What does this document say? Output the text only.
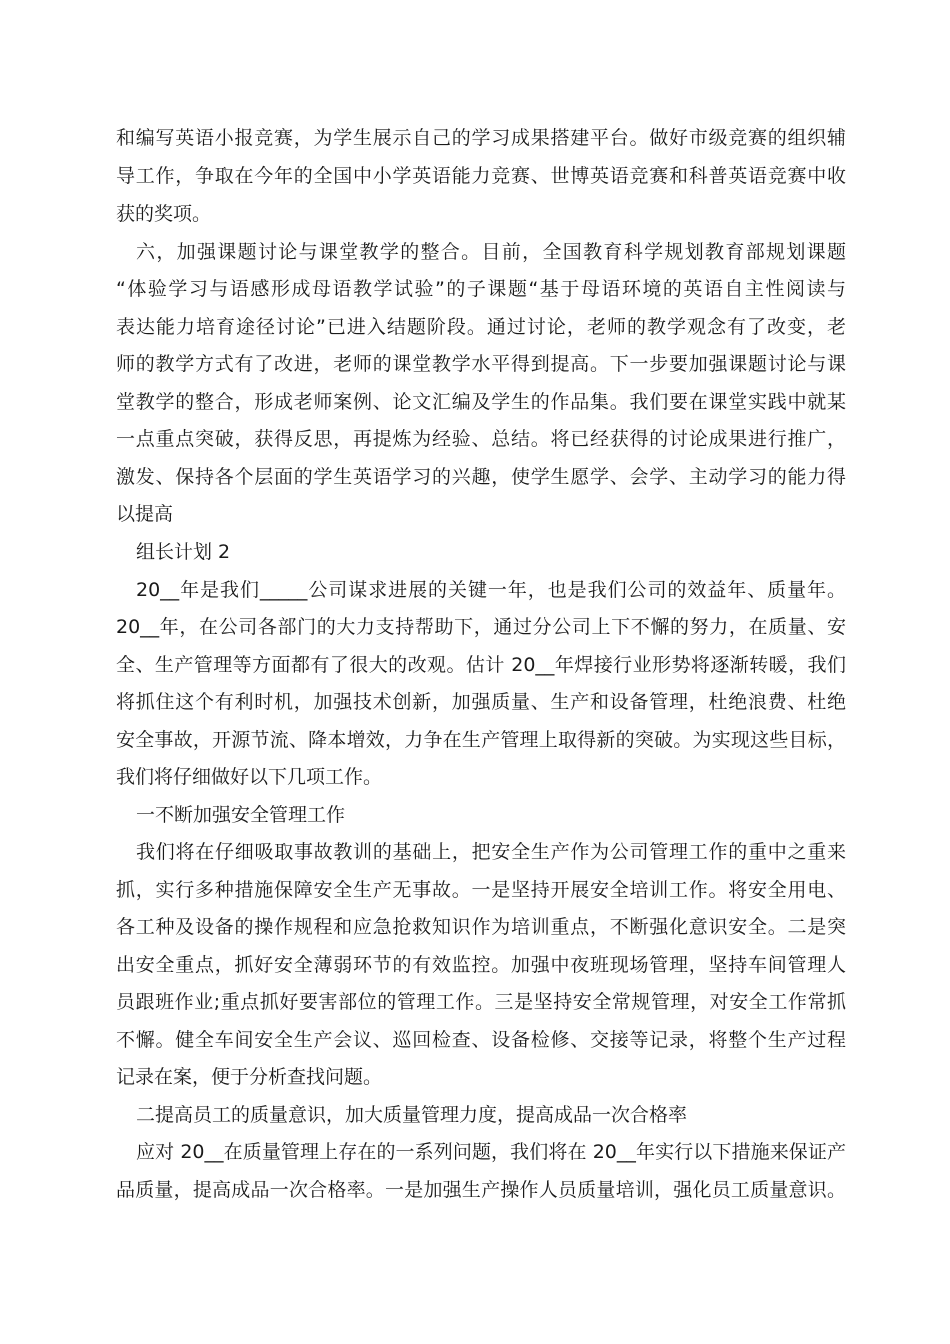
和编写英语小报竞赛，为学生展示自己的学习成果搭建平台。做好市级竞赛的组织辅
导工作，争取在今年的全国中小学英语能力竞赛、世博英语竞赛和科普英语竞赛中收
获的奖项。
六，加强课题讨论与课堂教学的整合。目前，全国教育科学规划教育部规划课题
“体验学习与语感形成母语教学试验”的子课题“基于母语环境的英语自主性阅读与
表达能力培育途径讨论”已进入结题阶段。通过讨论，老师的教学观念有了改变，老
师的教学方式有了改进，老师的课堂教学水平得到提高。下一步要加强课题讨论与课
堂教学的整合，形成老师案例、论文汇编及学生的作品集。我们要在课堂实践中就某
一点重点突破，获得反思，再提炼为经验、总结。将已经获得的讨论成果进行推广，
激发、保持各个层面的学生英语学习的兴趣，使学生愿学、会学、主动学习的能力得
以提高
组长计划 2
20__年是我们_____公司谋求进展的关键一年，也是我们公司的效益年、质量年。
20__年，在公司各部门的大力支持帮助下，通过分公司上下不懈的努力，在质量、安
全、生产管理等方面都有了很大的改观。估计 20__年焊接行业形势将逐渐转暖，我们
将抓住这个有利时机，加强技术创新，加强质量、生产和设备管理，杜绝浪费、杜绝
安全事故，开源节流、降本增效，力争在生产管理上取得新的突破。为实现这些目标，
我们将仔细做好以下几项工作。
一不断加强安全管理工作
我们将在仔细吸取事故教训的基础上，把安全生产作为公司管理工作的重中之重来
抓，实行多种措施保障安全生产无事故。一是坚持开展安全培训工作。将安全用电、
各工种及设备的操作规程和应急抢救知识作为培训重点，不断强化意识安全。二是突
出安全重点，抓好安全薄弱环节的有效监控。加强中夜班现场管理，坚持车间管理人
员跟班作业;重点抓好要害部位的管理工作。三是坚持安全常规管理，对安全工作常抓
不懈。健全车间安全生产会议、巡回检查、设备检修、交接等记录，将整个生产过程
记录在案，便于分析查找问题。
二提高员工的质量意识，加大质量管理力度，提高成品一次合格率
应对 20__在质量管理上存在的一系列问题，我们将在 20__年实行以下措施来保证产
品质量，提高成品一次合格率。一是加强生产操作人员质量培训，强化员工质量意识。
